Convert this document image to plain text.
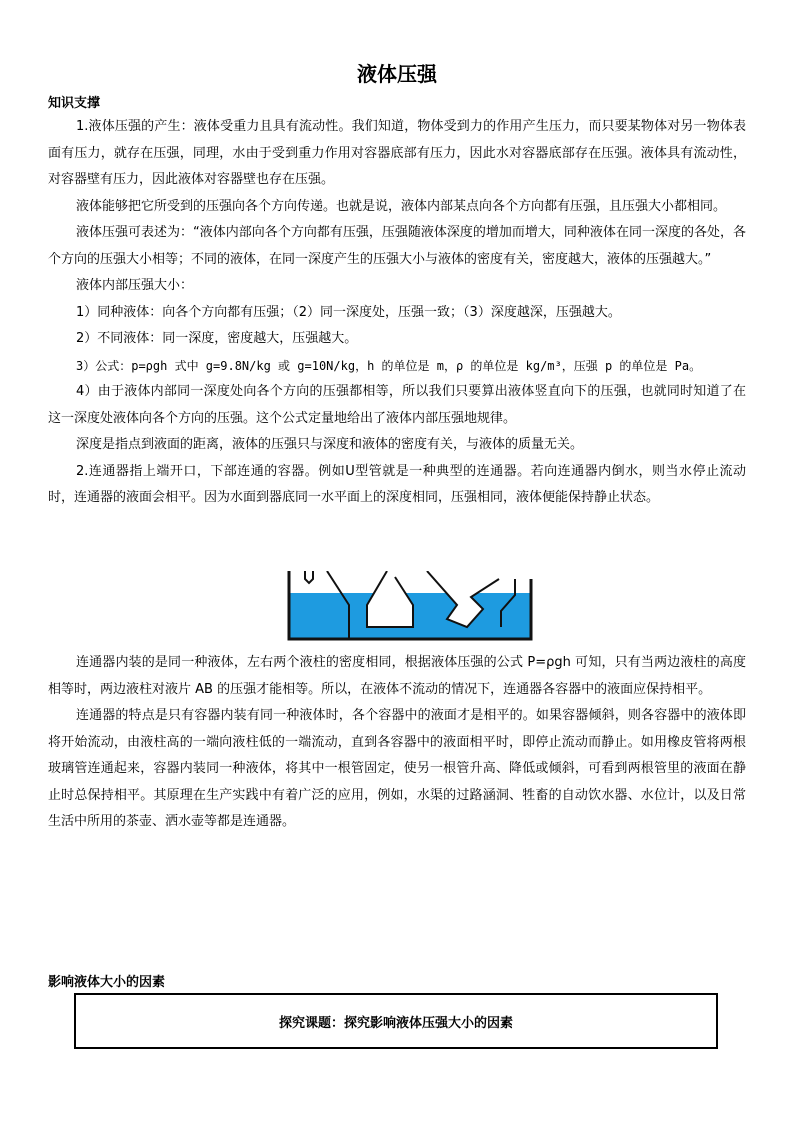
液体压强
知识支撑

1.液体压强的产生：液体受重力且具有流动性。我们知道，物体受到力的作用产生压力，而只要某物体对另一物体表面有压力，就存在压强，同理，水由于受到重力作用对容器底部有压力，因此水对容器底部存在压强。液体具有流动性，对容器壁有压力，因此液体对容器壁也存在压强。

液体能够把它所受到的压强向各个方向传递。也就是说，液体内部某点向各个方向都有压强，且压强大小都相同。

液体压强可表述为：“液体内部向各个方向都有压强，压强随液体深度的增加而增大，同种液体在同一深度的各处，各个方向的压强大小相等；不同的液体，在同一深度产生的压强大小与液体的密度有关，密度越大，液体的压强越大。”

液体内部压强大小：

1）同种液体：向各个方向都有压强；（2）同一深度处，压强一致；（3）深度越深，压强越大。

2）不同液体：同一深度，密度越大，压强越大。

3）公式：p=ρgh 式中 g=9.8N/kg 或 g=10N/kg，h 的单位是 m，ρ 的单位是 kg/m³，压强 p 的单位是 Pa。

4）由于液体内部同一深度处向各个方向的压强都相等，所以我们只要算出液体竖直向下的压强，也就同时知道了在这一深度处液体向各个方向的压强。这个公式定量地给出了液体内部压强地规律。

深度是指点到液面的距离，液体的压强只与深度和液体的密度有关，与液体的质量无关。

2.连通器指上端开口，下部连通的容器。例如U型管就是一种典型的连通器。若向连通器内倒水，则当水停止流动时，连通器的液面会相平。因为水面到器底同一水平面上的深度相同，压强相同，液体便能保持静止状态。

连通器内装的是同一种液体，左右两个液柱的密度相同，根据液体压强的公式 P=ρgh 可知，只有当两边液柱的高度相等时，两边液柱对液片 AB 的压强才能相等。所以，在液体不流动的情况下，连通器各容器中的液面应保持相平。

连通器的特点是只有容器内装有同一种液体时，各个容器中的液面才是相平的。如果容器倾斜，则各容器中的液体即将开始流动，由液柱高的一端向液柱低的一端流动，直到各容器中的液面相平时，即停止流动而静止。如用橡皮管将两根玻璃管连通起来，容器内装同一种液体，将其中一根管固定，使另一根管升高、降低或倾斜，可看到两根管里的液面在静止时总保持相平。其原理在生产实践中有着广泛的应用，例如，水渠的过路涵洞、牲畜的自动饮水器、水位计，以及日常生活中所用的茶壶、洒水壶等都是连通器。

影响液体大小的因素
探究课题：探究影响液体压强大小的因素
